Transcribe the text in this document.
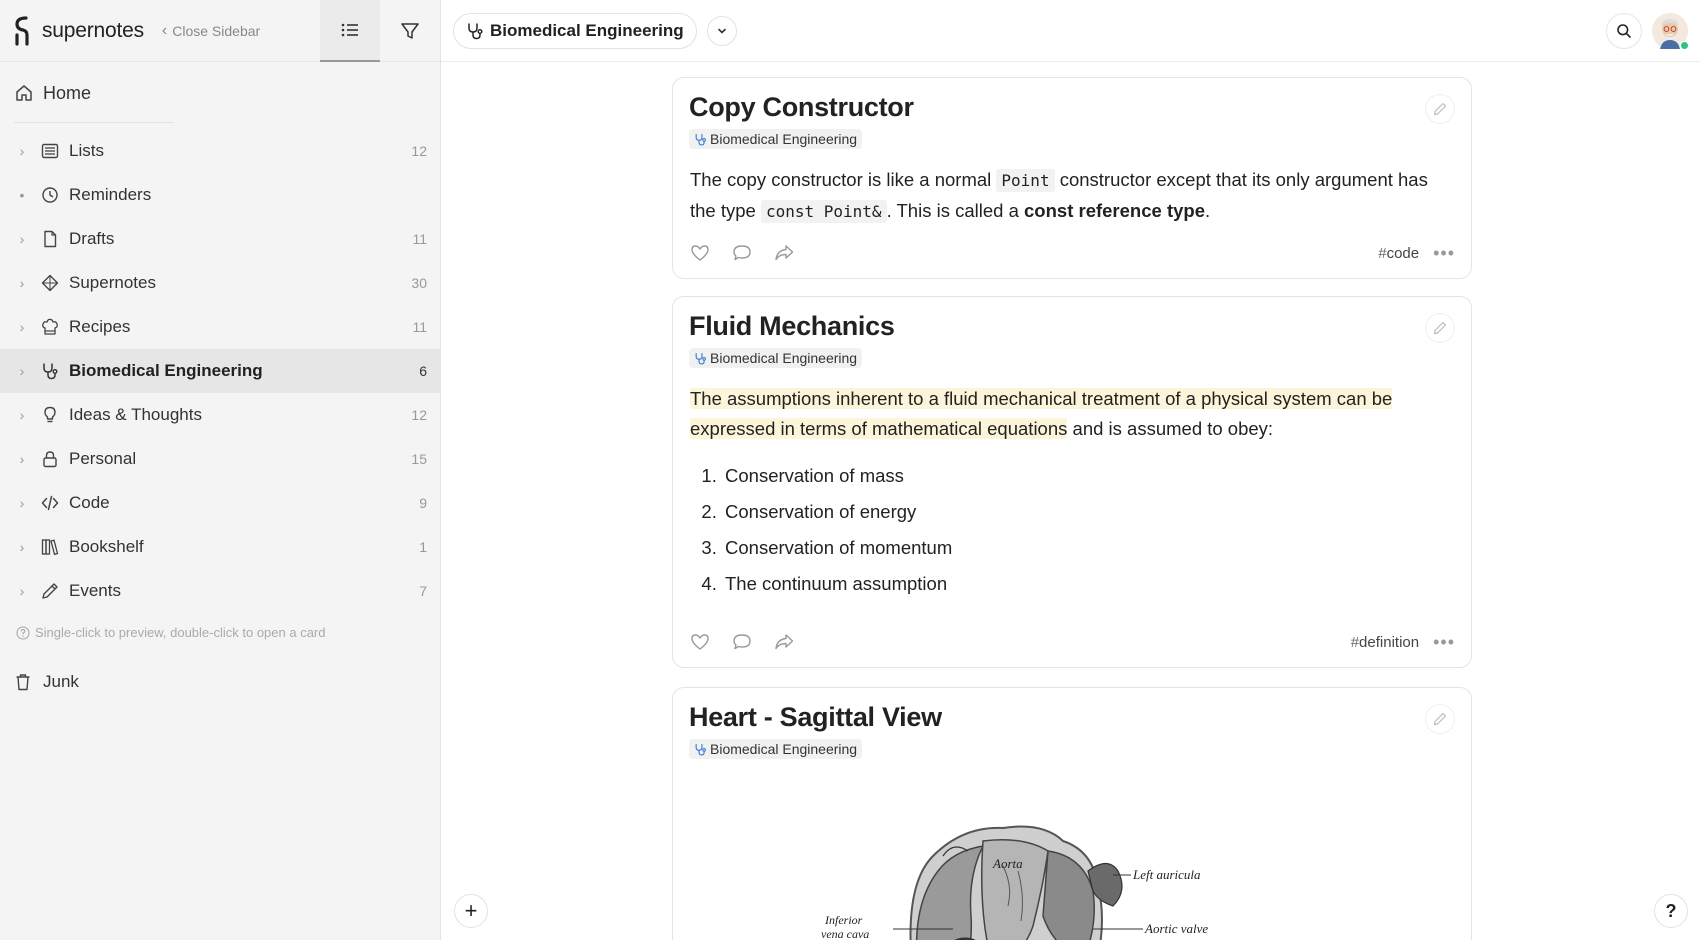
supernotes ‹ Close Sidebar
Home
›	Lists	12
•	Reminders
›	Drafts	11
›	Supernotes	30
›	Recipes	11
›	Biomedical Engineering	6
›	Ideas & Thoughts	12
›	Personal	15
›	Code	9
›	Bookshelf	1
›	Events	7
Single-click to preview, double-click to open a card
Junk
Biomedical Engineering
Copy Constructor
Biomedical Engineering
The copy constructor is like a normal Point constructor except that its only argument has the type const Point& . This is called a const reference type.
#code •••
Fluid Mechanics
Biomedical Engineering
The assumptions inherent to a fluid mechanical treatment of a physical system can be expressed in terms of mathematical equations and is assumed to obey:
1. Conservation of mass
2. Conservation of energy
3. Conservation of momentum
4. The continuum assumption
#definition •••
Heart - Sagittal View
Biomedical Engineering
Aorta
Left auricula
Inferior
vena cava	Aortic valve
+	?
